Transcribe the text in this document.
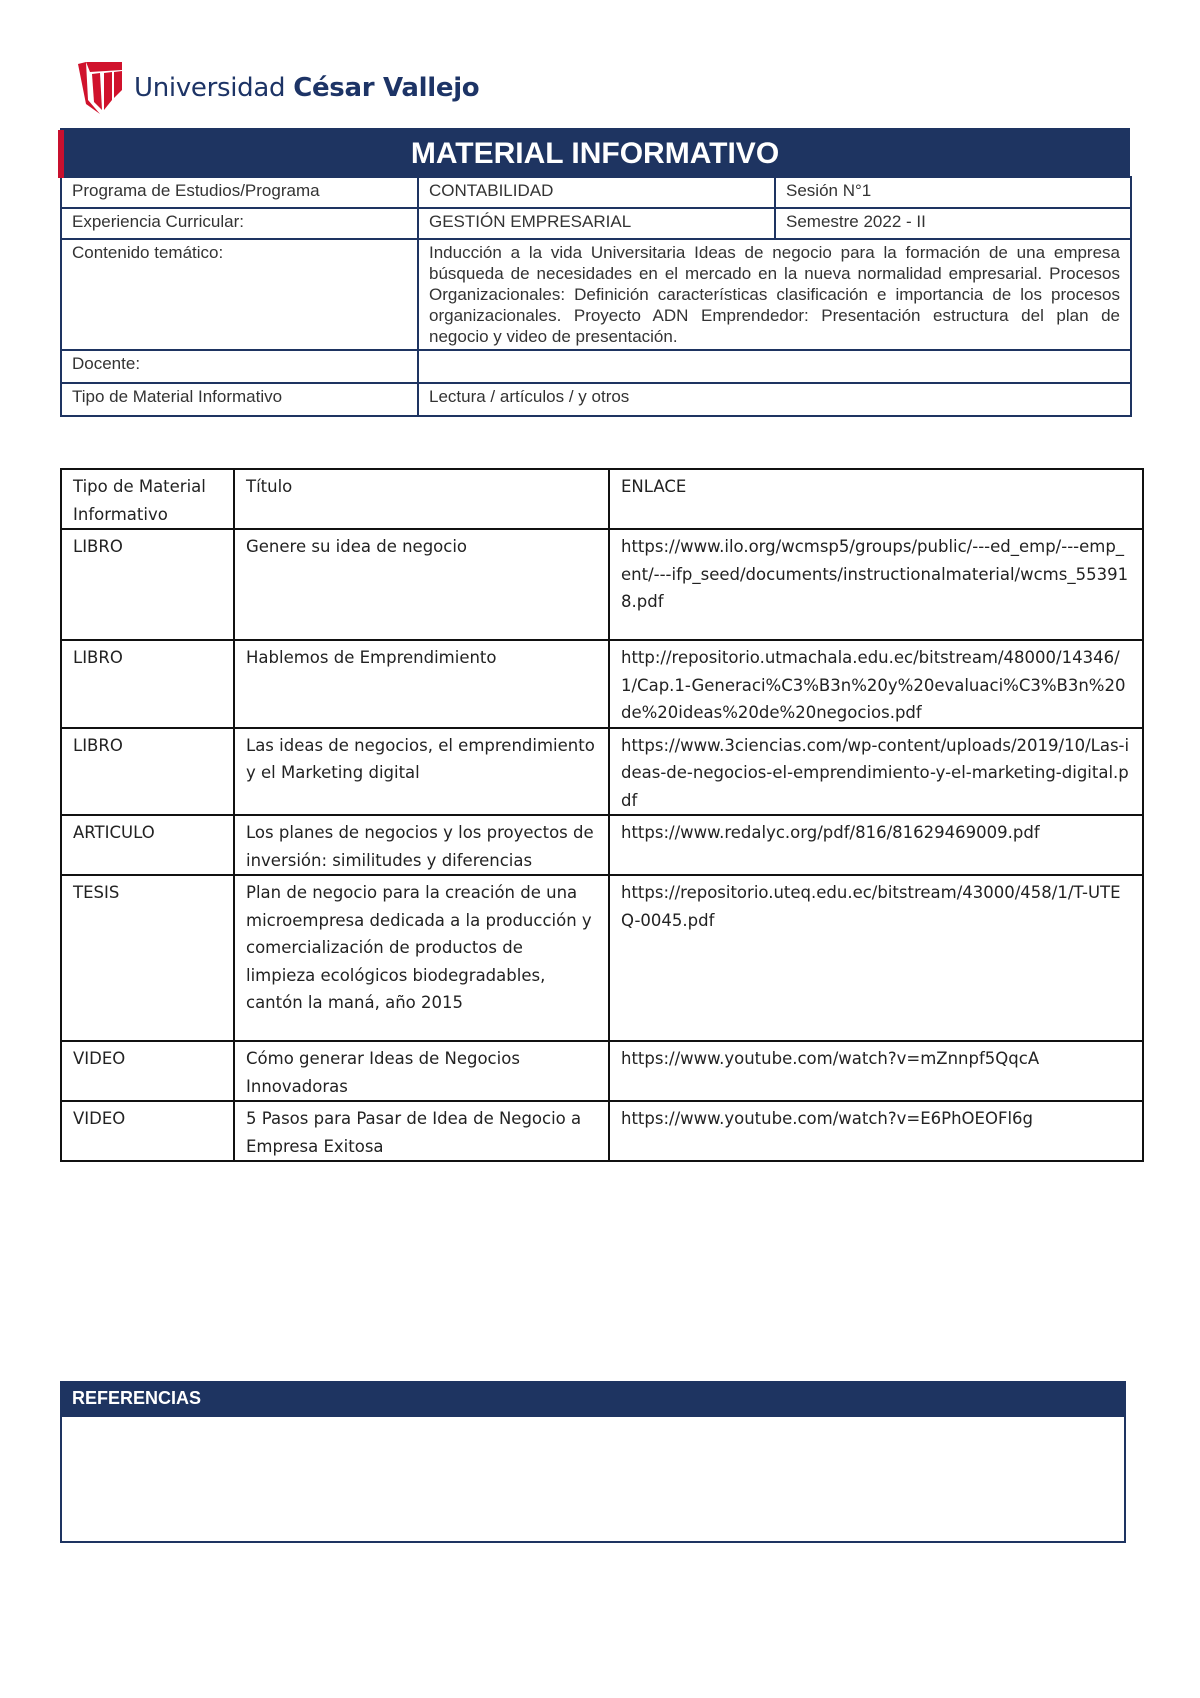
Universidad César Vallejo
MATERIAL INFORMATIVO
Programa de Estudios/Programa	CONTABILIDAD	Sesión N°1
Experiencia Curricular:	GESTIÓN EMPRESARIAL	Semestre 2022 - II
Contenido temático:	Inducción a la vida Universitaria Ideas de negocio para la formación de una empresa búsqueda de necesidades en el mercado en la nueva normalidad empresarial. Procesos Organizacionales: Definición características clasificación e importancia de los procesos organizacionales. Proyecto ADN Emprendedor: Presentación estructura del plan de negocio y video de presentación.	
Docente:		
Tipo de Material Informativo	Lectura / artículos / y otros	
Tipo de Material Informativo	Título	ENLACE
LIBRO	Genere su idea de negocio	https://www.ilo.org/wcmsp5/groups/public/---ed_emp/---emp_ent/---ifp_seed/documents/instructionalmaterial/wcms_553918.pdf
LIBRO	Hablemos de Emprendimiento	http://repositorio.utmachala.edu.ec/bitstream/48000/14346/1/Cap.1-Generaci%C3%B3n%20y%20evaluaci%C3%B3n%20de%20ideas%20de%20negocios.pdf
LIBRO	Las ideas de negocios, el emprendimiento y el Marketing digital	https://www.3ciencias.com/wp-content/uploads/2019/10/Las-ideas-de-negocios-el-emprendimiento-y-el-marketing-digital.pdf
ARTICULO	Los planes de negocios y los proyectos de inversión: similitudes y diferencias	https://www.redalyc.org/pdf/816/81629469009.pdf
TESIS	Plan de negocio para la creación de una microempresa dedicada a la producción y comercialización de productos de limpieza ecológicos biodegradables, cantón la maná, año 2015	https://repositorio.uteq.edu.ec/bitstream/43000/458/1/T-UTEQ-0045.pdf
VIDEO	Cómo generar Ideas de Negocios Innovadoras	https://www.youtube.com/watch?v=mZnnpf5QqcA
VIDEO	5 Pasos para Pasar de Idea de Negocio a Empresa Exitosa	https://www.youtube.com/watch?v=E6PhOEOFl6g
REFERENCIAS
